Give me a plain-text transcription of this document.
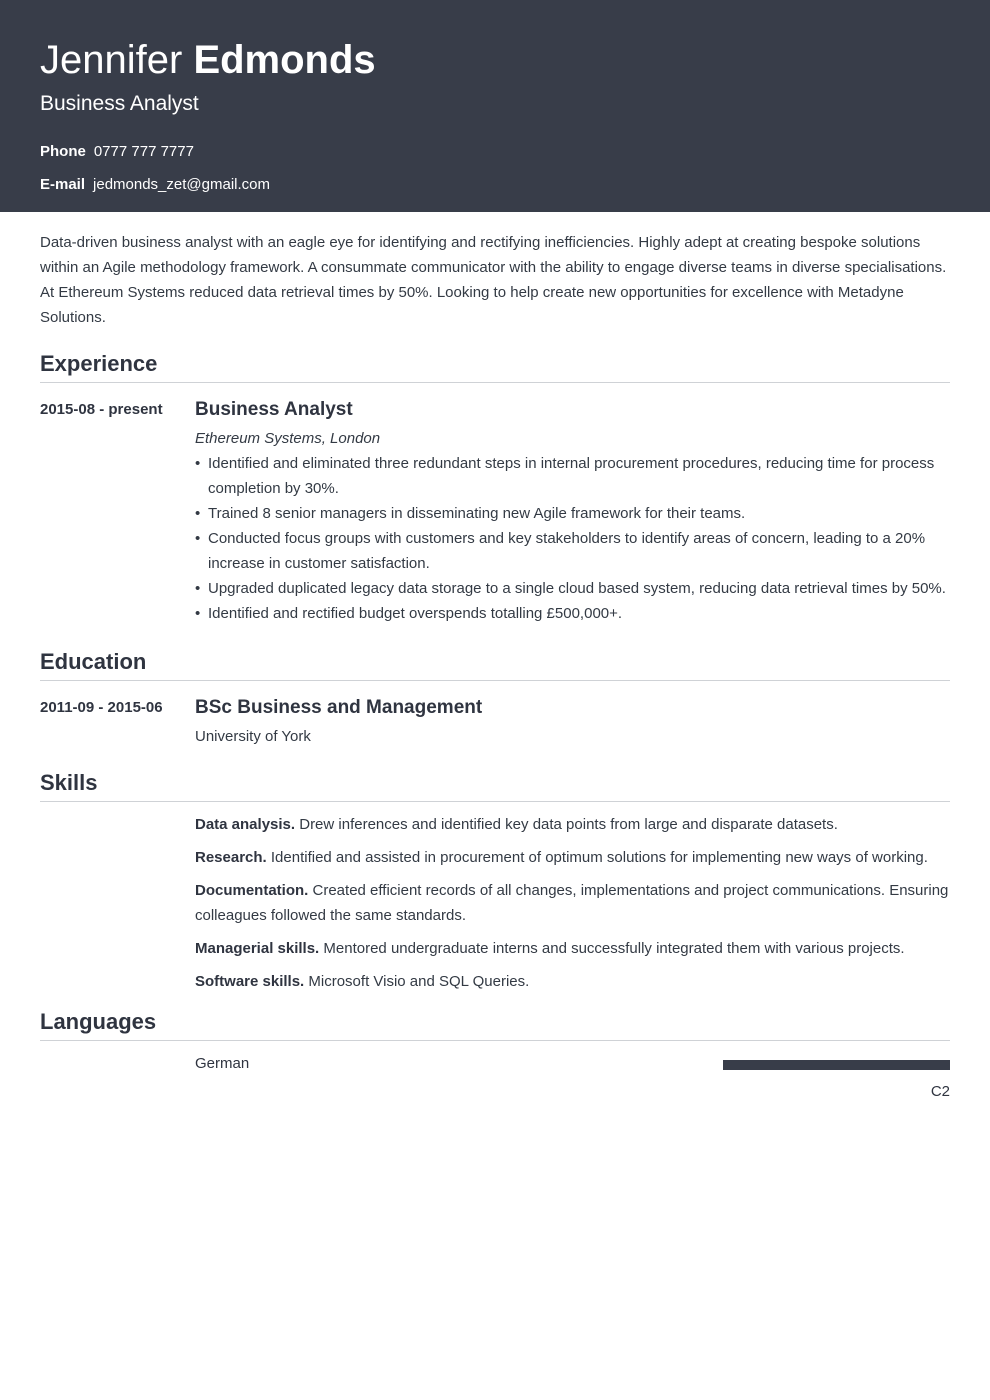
Jennifer Edmonds
Business Analyst
Phone 0777 777 7777
E-mail jedmonds_zet@gmail.com
Data-driven business analyst with an eagle eye for identifying and rectifying inefficiencies. Highly adept at creating bespoke solutions within an Agile methodology framework. A consummate communicator with the ability to engage diverse teams in diverse specialisations. At Ethereum Systems reduced data retrieval times by 50%. Looking to help create new opportunities for excellence with Metadyne Solutions.
Experience
2015-08 - present	Business Analyst
Ethereum Systems, London
• Identified and eliminated three redundant steps in internal procurement procedures, reducing time for process completion by 30%.
• Trained 8 senior managers in disseminating new Agile framework for their teams.
• Conducted focus groups with customers and key stakeholders to identify areas of concern, leading to a 20% increase in customer satisfaction.
• Upgraded duplicated legacy data storage to a single cloud based system, reducing data retrieval times by 50%.
• Identified and rectified budget overspends totalling £500,000+.
Education
2011-09 - 2015-06	BSc Business and Management
University of York
Skills
Data analysis. Drew inferences and identified key data points from large and disparate datasets.
Research. Identified and assisted in procurement of optimum solutions for implementing new ways of working.
Documentation. Created efficient records of all changes, implementations and project communications. Ensuring colleagues followed the same standards.
Managerial skills. Mentored undergraduate interns and successfully integrated them with various projects.
Software skills. Microsoft Visio and SQL Queries.
Languages
German
C2
